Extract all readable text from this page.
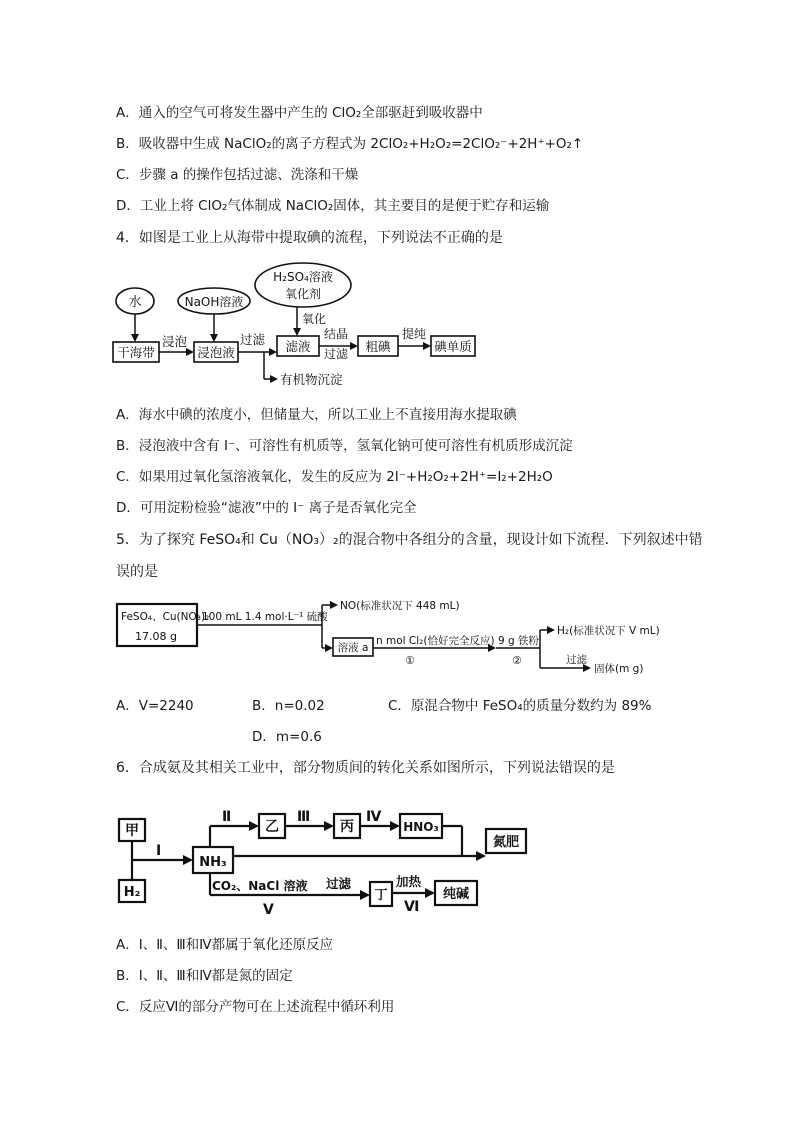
A．通入的空气可将发生器中产生的 ClO₂全部驱赶到吸收器中
B．吸收器中生成 NaClO₂的离子方程式为 2ClO₂+H₂O₂=2ClO₂⁻+2H⁺+O₂↑
C．步骤 a 的操作包括过滤、洗涤和干燥
D．工业上将 ClO₂气体制成 NaClO₂固体，其主要目的是便于贮存和运输
4．如图是工业上从海带中提取碘的流程，下列说法不正确的是
水	NaOH溶液
H₂SO₄溶液
氧化剂
氧化
干海带
浸泡
浸泡液
过滤
有机物沉淀
滤液
结晶
过滤 粗碘
提纯
碘单质
A．海水中碘的浓度小，但储量大，所以工业上不直接用海水提取碘
B．浸泡液中含有 I⁻、可溶性有机质等，氢氧化钠可使可溶性有机质形成沉淀
C．如果用过氧化氢溶液氧化，发生的反应为 2I⁻+H₂O₂+2H⁺=I₂+2H₂O
D．可用淀粉检验“滤液”中的 I⁻ 离子是否氧化完全
5．为了探究 FeSO₄和 Cu（NO₃）₂的混合物中各组分的含量，现设计如下流程．下列叙述中错
误的是
FeSO₄、Cu(NO₃)₂
17.08 g
100 mL 1.4 mol·L⁻¹ 硫酸
NO(标准状况下 448 mL)
溶液 a
n mol Cl₂(恰好完全反应)
①
9 g 铁粉
②
H₂(标准状况下 V mL)
过滤
固体(m g)
A．V=2240	B．n=0.02	C．原混合物中 FeSO₄的质量分数约为 89%
D．m=0.6
6．合成氨及其相关工业中，部分物质间的转化关系如图所示，下列说法错误的是
甲
H₂
Ⅰ
NH₃
Ⅱ
乙
Ⅲ
丙
Ⅳ
HNO₃
氮肥
CO₂、NaCl 溶液 过滤
Ⅴ
丁
加热
Ⅵ
纯碱
A．Ⅰ、Ⅱ、Ⅲ和Ⅳ都属于氧化还原反应
B．Ⅰ、Ⅱ、Ⅲ和Ⅳ都是氮的固定
C．反应Ⅵ的部分产物可在上述流程中循环利用
